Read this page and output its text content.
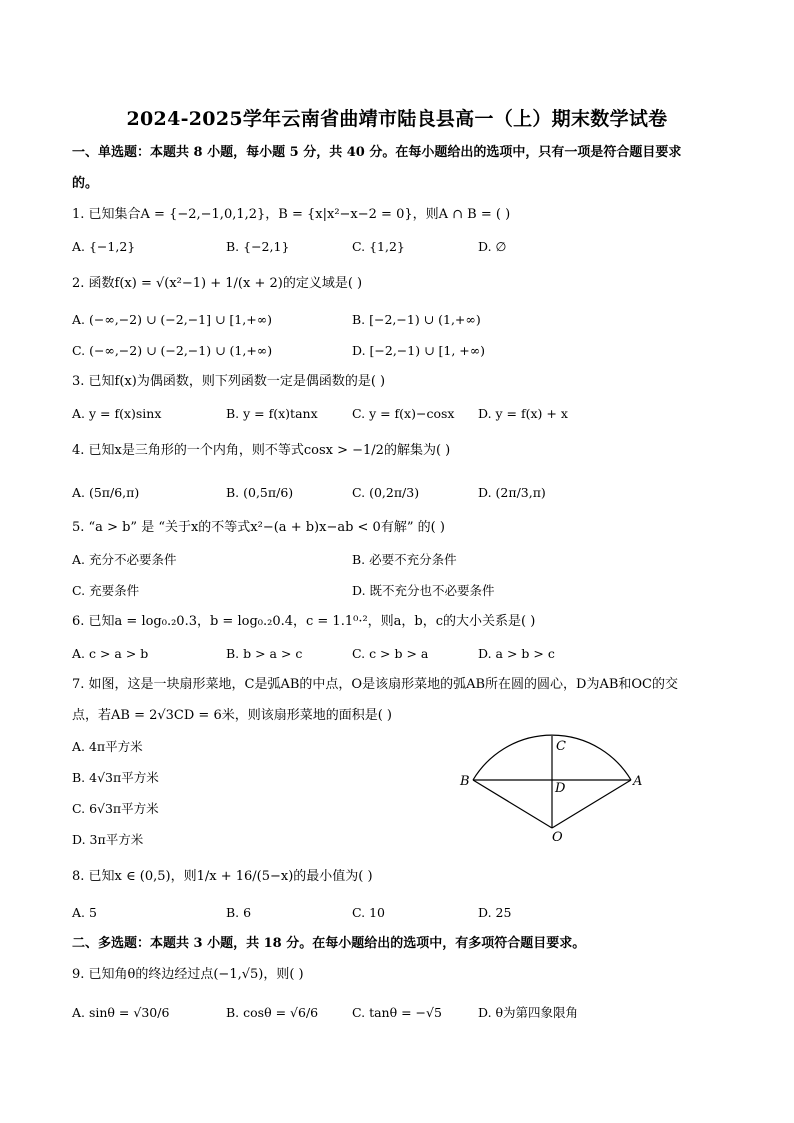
2024-2025学年云南省曲靖市陆良县高一（上）期末数学试卷
一、单选题：本题共 8 小题，每小题 5 分，共 40 分。在每小题给出的选项中，只有一项是符合题目要求
的。
1. 已知集合A = {−2,−1,0,1,2}，B = {x|x²−x−2 = 0}，则A ∩ B = ( )
A. {−1,2}	B. {−2,1}	C. {1,2}	D. ∅
2. 函数f(x) = √(x²−1) + 1/(x + 2)的定义域是( )
A. (−∞,−2) ∪ (−2,−1] ∪ [1,+∞)	B. [−2,−1) ∪ (1,+∞)
C. (−∞,−2) ∪ (−2,−1) ∪ (1,+∞)	D. [−2,−1) ∪ [1, +∞)
3. 已知f(x)为偶函数，则下列函数一定是偶函数的是( )
A. y = f(x)sinx	B. y = f(x)tanx	C. y = f(x)−cosx D. y = f(x) + x
4. 已知x是三角形的一个内角，则不等式cosx > −1/2的解集为( )
A. (5π/6,π)	B. (0,5π/6)	C. (0,2π/3)	D. (2π/3,π)
5. “a > b” 是 “关于x的不等式x²−(a + b)x−ab < 0有解” 的( )
A. 充分不必要条件	B. 必要不充分条件
C. 充要条件	D. 既不充分也不必要条件
6. 已知a = log₀.₂0.3，b = log₀.₂0.4，c = 1.1⁰·²，则a，b，c的大小关系是( )
A. c > a > b	B. b > a > c	C. c > b > a	D. a > b > c
7. 如图，这是一块扇形菜地，C是弧AB的中点，O是该扇形菜地的弧AB所在圆的圆心，D为AB和OC的交
点，若AB = 2√3CD = 6米，则该扇形菜地的面积是( )
A. 4π平方米
B. 4√3π平方米
C. 6√3π平方米
D. 3π平方米
C
B	A
D
O
8. 已知x ∈ (0,5)，则1/x + 16/(5−x)的最小值为( )
A. 5	B. 6	C. 10	D. 25
二、多选题：本题共 3 小题，共 18 分。在每小题给出的选项中，有多项符合题目要求。
9. 已知角θ的终边经过点(−1,√5)，则( )
A. sinθ = √30/6	B. cosθ = √6/6	C. tanθ = −√5	D. θ为第四象限角
